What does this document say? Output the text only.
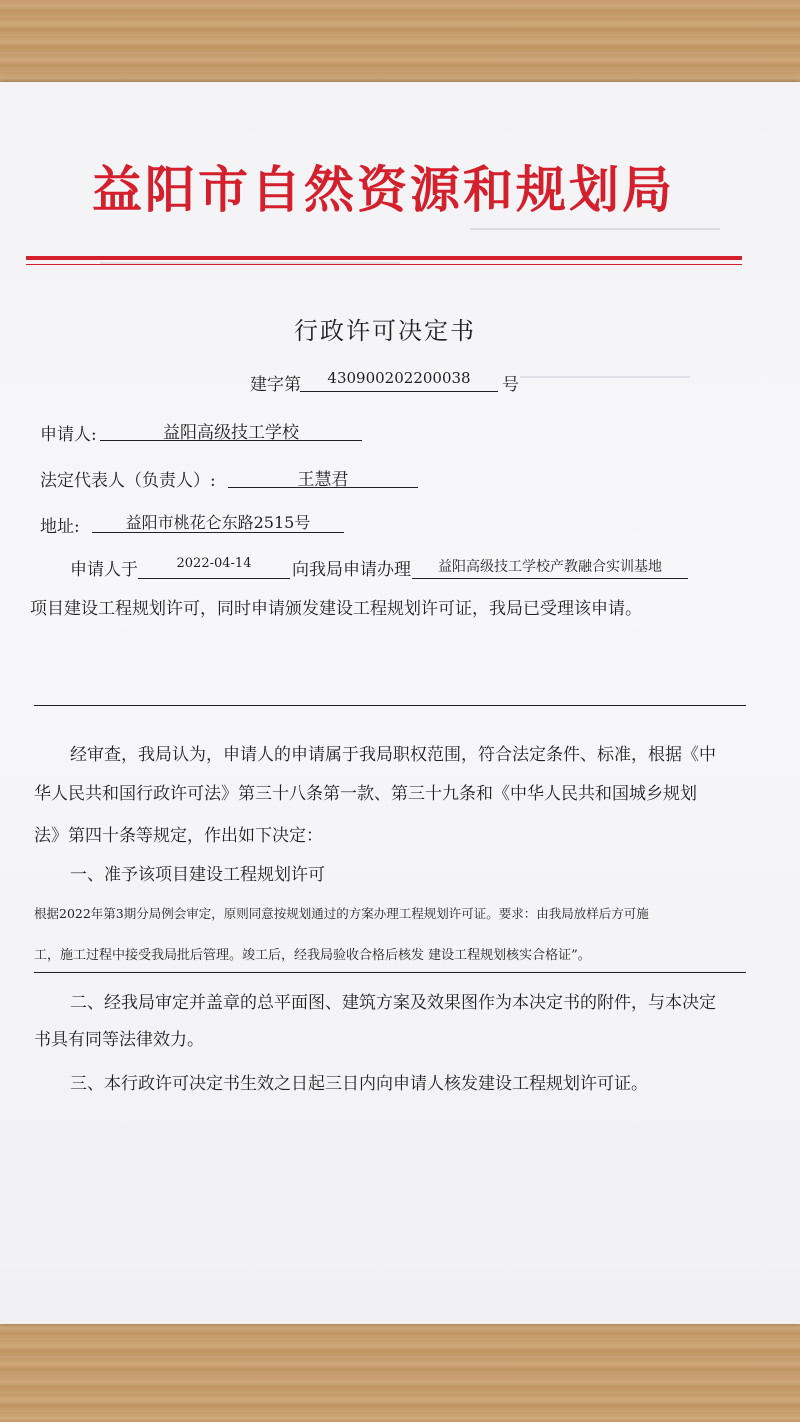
益阳市自然资源和规划局
行政许可决定书
建字第	430900202200038	号
申请人:	益阳高级技工学校
法定代表人（负责人）:	王慧君
地址:	益阳市桃花仑东路2515号
申请人于	2022-04-14	向我局申请办理	益阳高级技工学校产教融合实训基地
项目建设工程规划许可，同时申请颁发建设工程规划许可证，我局已受理该申请。
经审查，我局认为，申请人的申请属于我局职权范围，符合法定条件、标准，根据《中
华人民共和国行政许可法》第三十八条第一款、第三十九条和《中华人民共和国城乡规划
法》第四十条等规定，作出如下决定：
一、准予该项目建设工程规划许可
根据2022年第3期分局例会审定，原则同意按规划通过的方案办理工程规划许可证。要求：由我局放样后方可施
工，施工过程中接受我局批后管理。竣工后，经我局验收合格后核发 建设工程规划核实合格证”。
二、经我局审定并盖章的总平面图、建筑方案及效果图作为本决定书的附件，与本决定
书具有同等法律效力。
三、本行政许可决定书生效之日起三日内向申请人核发建设工程规划许可证。
